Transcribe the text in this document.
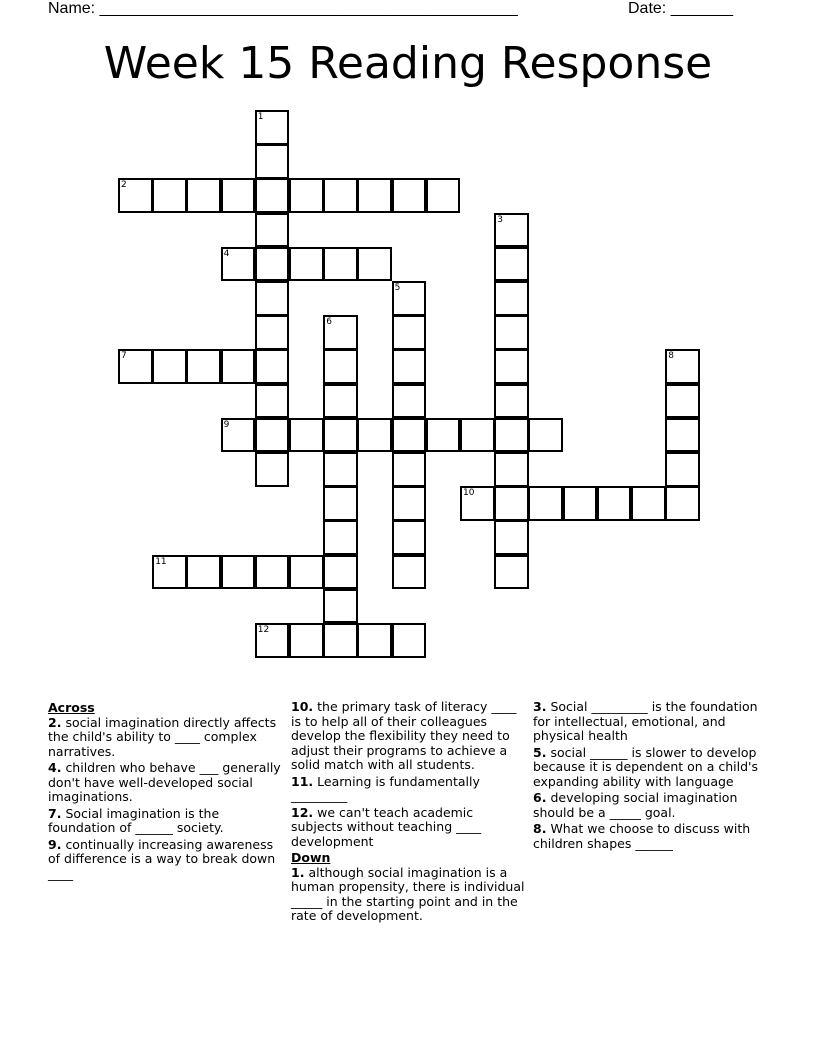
Name: _______________________________________________	Date: _______
Week 15 Reading Response
1
2
3
4
5
6
7	8
9
10
11
12
Across
2. social imagination directly affects the child's ability to ____ complex narratives.
4. children who behave ___ generally don't have well-developed social imaginations.
7. Social imagination is the foundation of ______ society.
9. continually increasing awareness of difference is a way to break down ____
10. the primary task of literacy ____ is to help all of their colleagues develop the flexibility they need to adjust their programs to achieve a solid match with all students.
11. Learning is fundamentally _________
12. we can't teach academic subjects without teaching ____ development
Down
1. although social imagination is a human propensity, there is individual _____ in the starting point and in the rate of development.
3. Social _________ is the foundation for intellectual, emotional, and physical health
5. social ______ is slower to develop because it is dependent on a child's expanding ability with language
6. developing social imagination should be a _____ goal.
8. What we choose to discuss with children shapes ______
